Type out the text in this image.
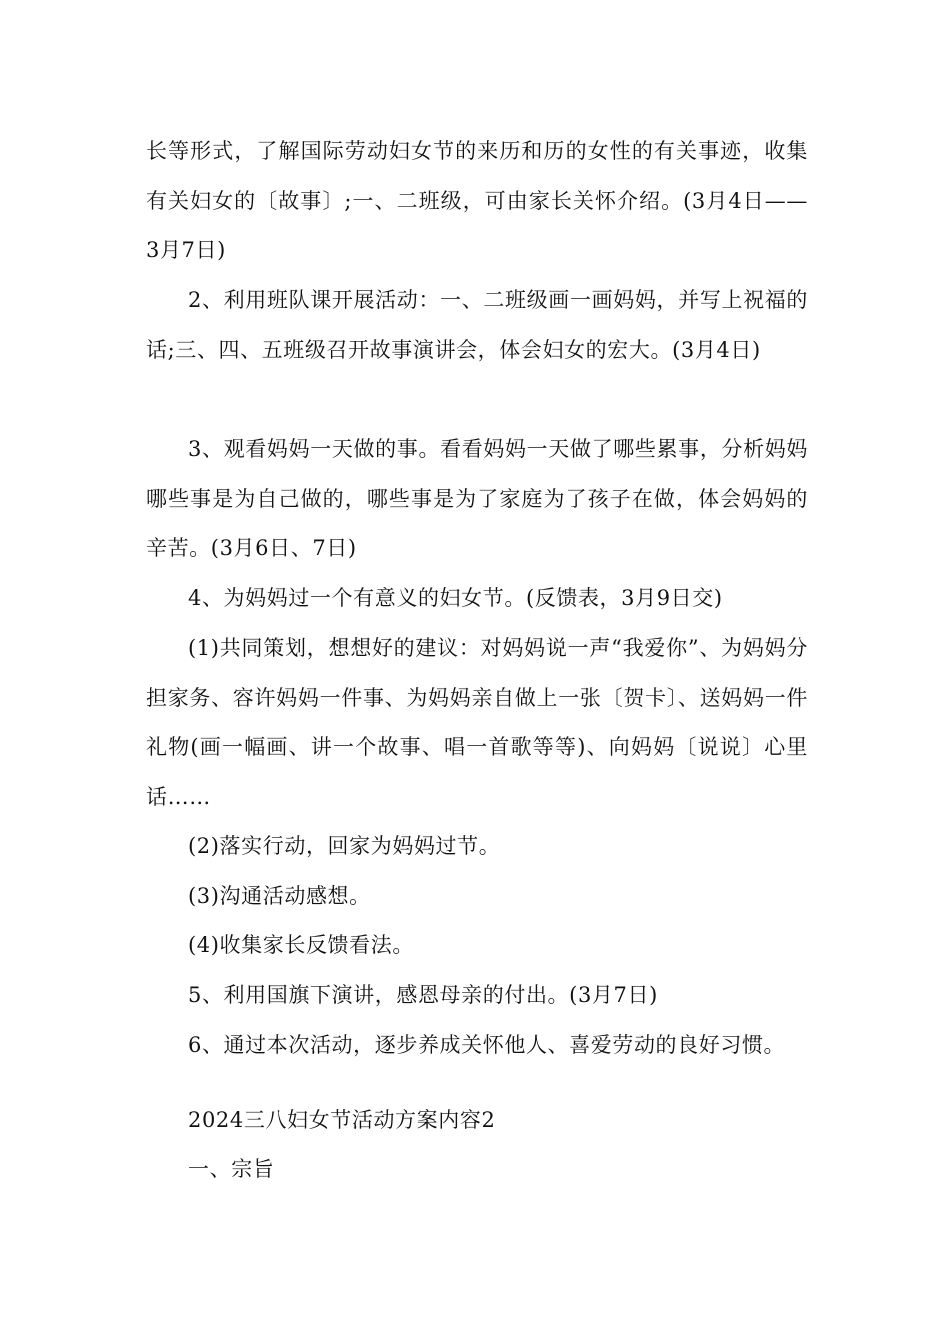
长等形式，了解国际劳动妇女节的来历和历的女性的有关事迹，收集有关妇女的〔故事〕;一、二班级，可由家长关怀介绍。(3月4日——3月7日)

2、利用班队课开展活动：一、二班级画一画妈妈，并写上祝福的话;三、四、五班级召开故事演讲会，体会妇女的宏大。(3月4日)

3、观看妈妈一天做的事。看看妈妈一天做了哪些累事，分析妈妈哪些事是为自己做的，哪些事是为了家庭为了孩子在做，体会妈妈的辛苦。(3月6日、7日)

4、为妈妈过一个有意义的妇女节。(反馈表，3月9日交)

(1)共同策划，想想好的建议：对妈妈说一声“我爱你”、为妈妈分担家务、容许妈妈一件事、为妈妈亲自做上一张〔贺卡〕、送妈妈一件礼物(画一幅画、讲一个故事、唱一首歌等等)、向妈妈〔说说〕心里话……

(2)落实行动，回家为妈妈过节。

(3)沟通活动感想。

(4)收集家长反馈看法。

5、利用国旗下演讲，感恩母亲的付出。(3月7日)

6、通过本次活动，逐步养成关怀他人、喜爱劳动的良好习惯。

2024三八妇女节活动方案内容2

一、宗旨
